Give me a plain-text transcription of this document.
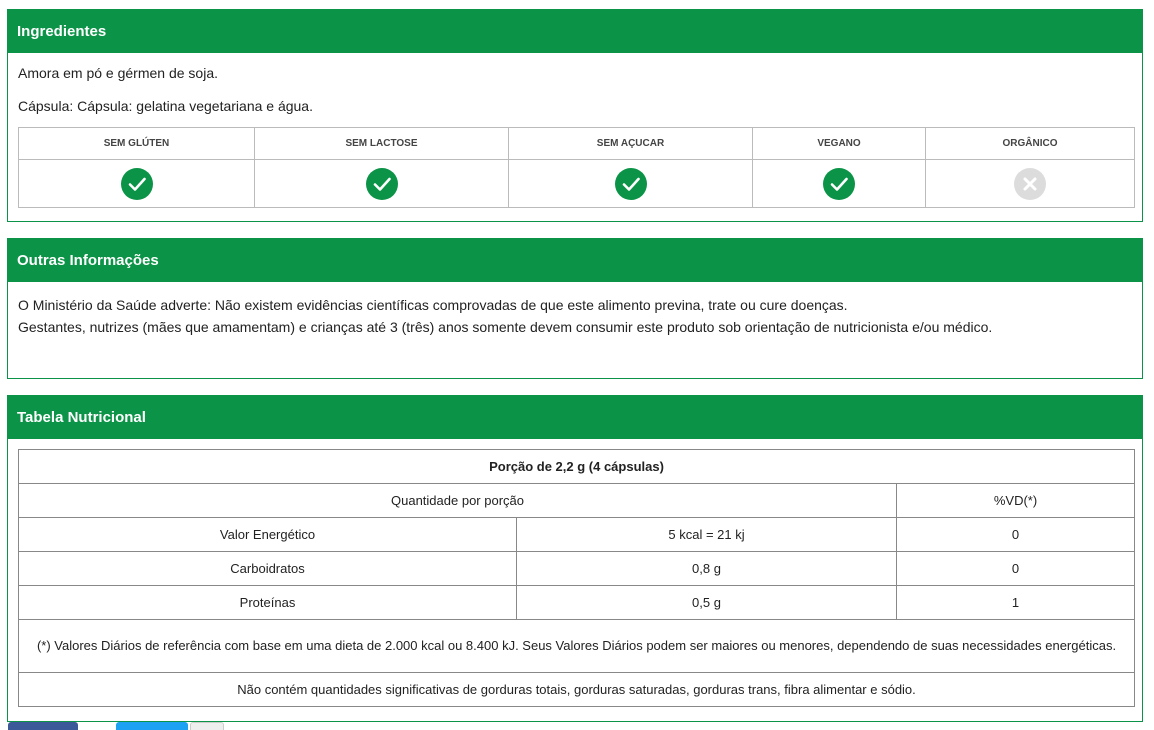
Ingredientes

Amora em pó e gérmen de soja.

Cápsula: Cápsula: gelatina vegetariana e água.

SEM GLÚTEN	SEM LACTOSE	SEM AÇUCAR	VEGANO	ORGÂNICO

Outras Informações
O Ministério da Saúde adverte: Não existem evidências científicas comprovadas de que este alimento previna, trate ou cure doenças.
Gestantes, nutrizes (mães que amamentam) e crianças até 3 (três) anos somente devem consumir este produto sob orientação de nutricionista e/ou médico.
Tabela Nutricional
Porção de 2,2 g (4 cápsulas)		
Quantidade por porção		%VD(*)
Valor Energético	5 kcal = 21 kj	0
Carboidratos	0,8 g	0
Proteínas	0,5 g	1
(*) Valores Diários de referência com base em uma dieta de 2.000 kcal ou 8.400 kJ. Seus Valores Diários podem ser maiores ou menores, dependendo de suas necessidades energéticas.		
Não contém quantidades significativas de gorduras totais, gorduras saturadas, gorduras trans, fibra alimentar e sódio.		
